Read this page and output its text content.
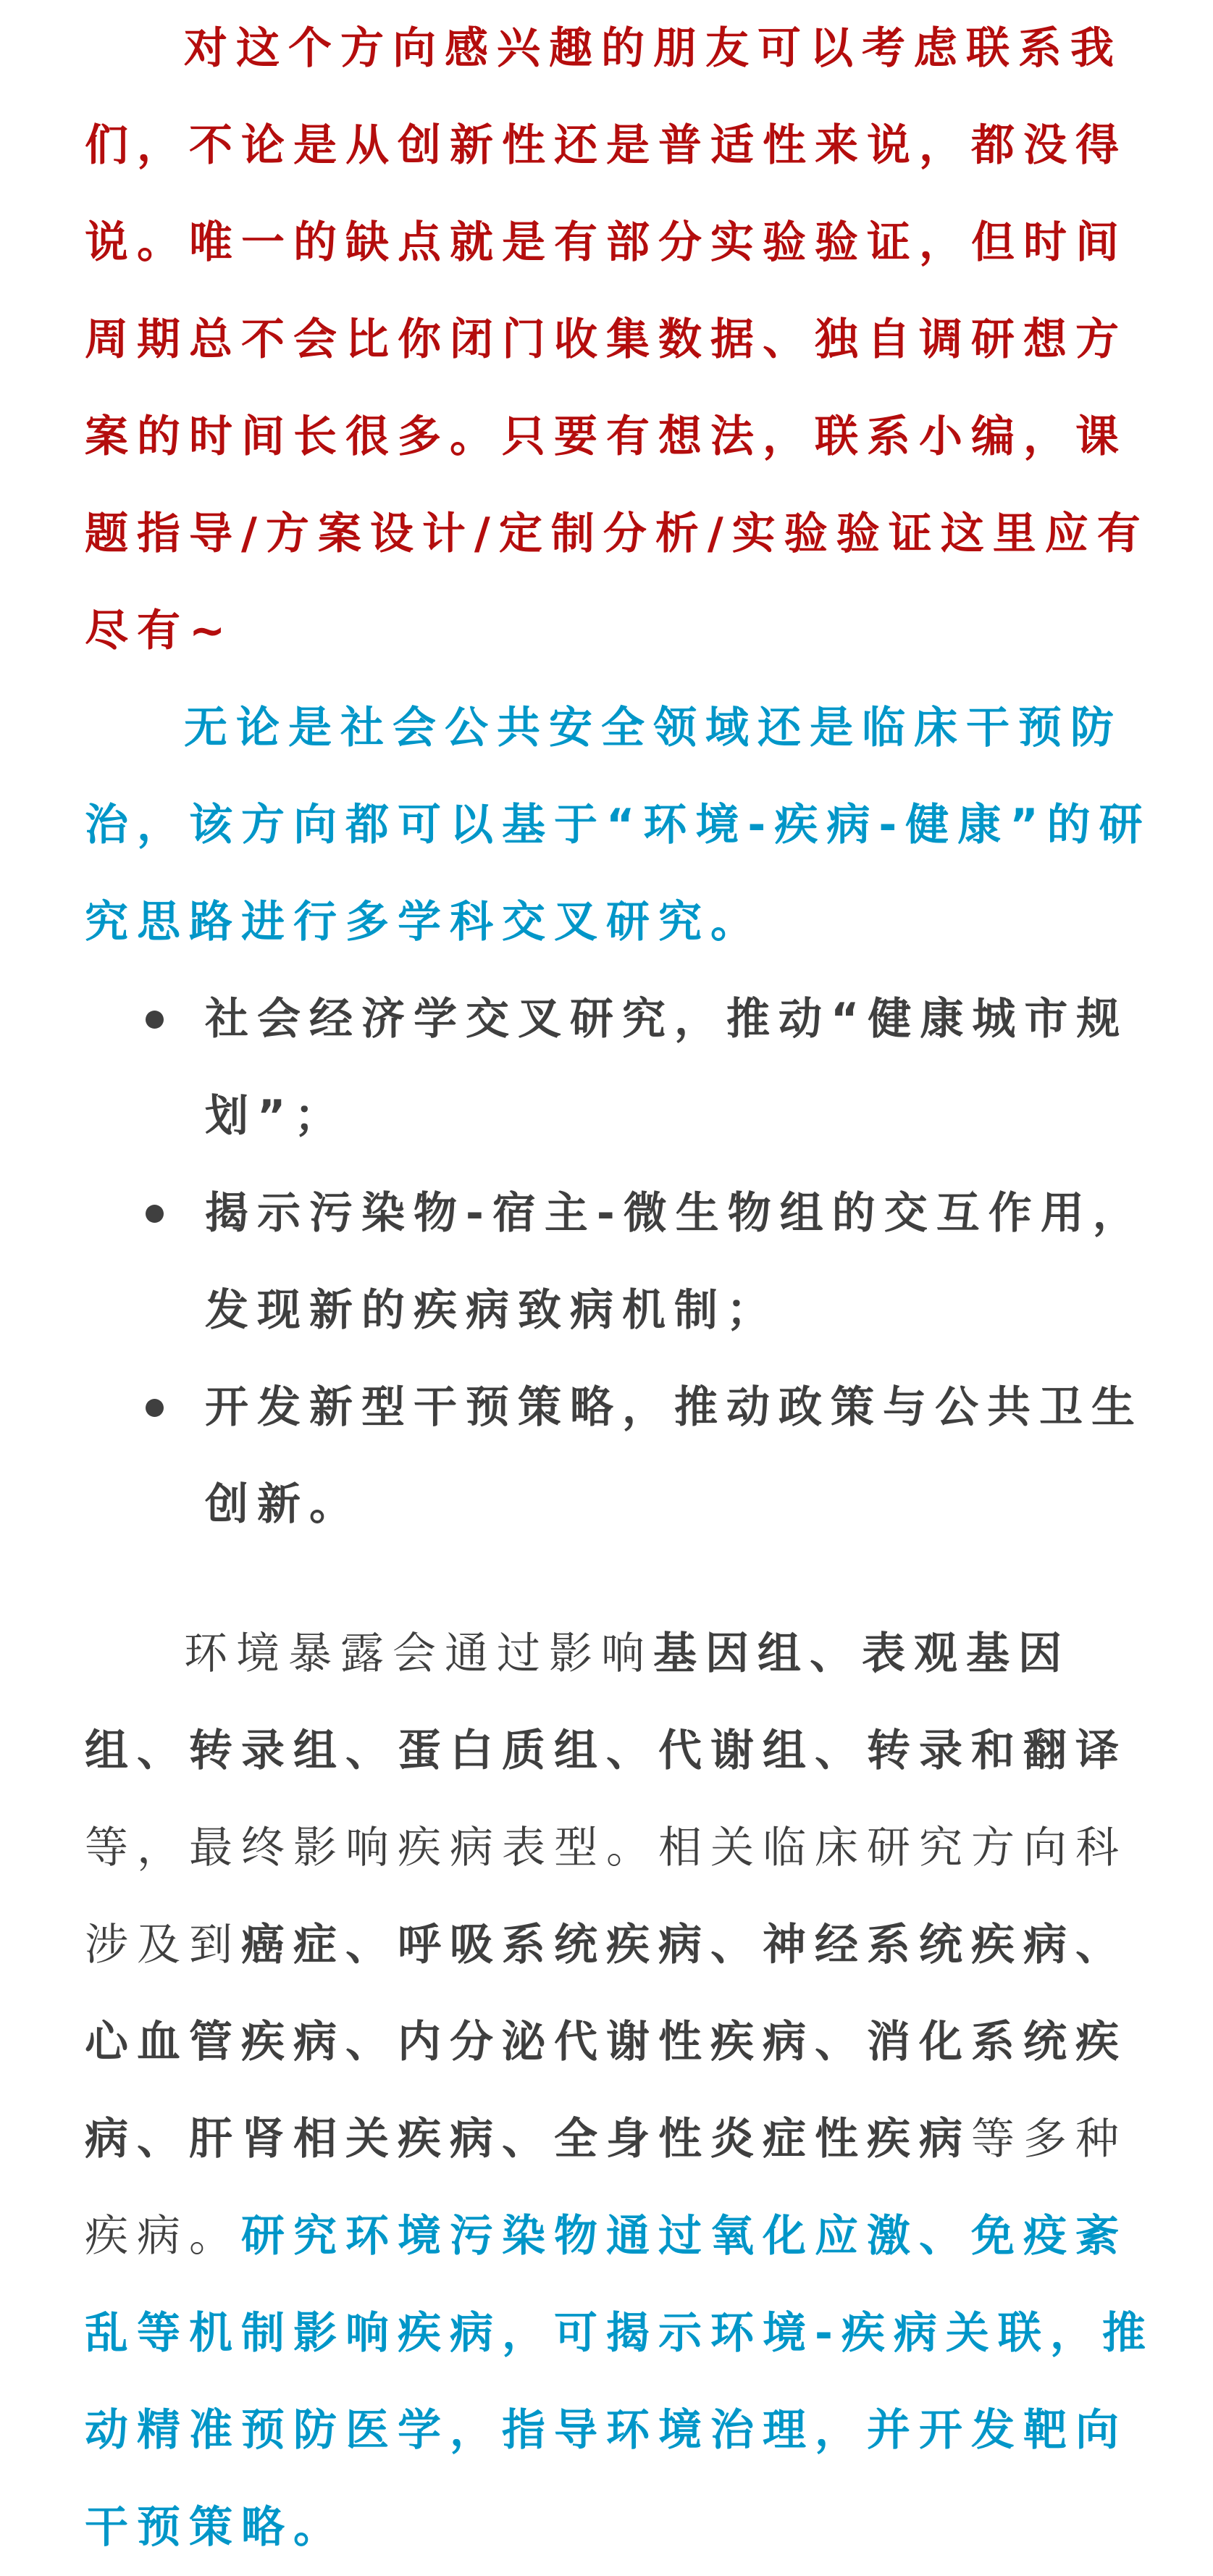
对这个方向感兴趣的朋友可以考虑联系我
们，不论是从创新性还是普适性来说，都没得
说。唯一的缺点就是有部分实验验证，但时间
周期总不会比你闭门收集数据、独自调研想方
案的时间长很多。只要有想法，联系小编，课
题指导/方案设计/定制分析/实验验证这里应有
尽有~
无论是社会公共安全领域还是临床干预防
治，该方向都可以基于“环境-疾病-健康”的研
究思路进行多学科交叉研究。
社会经济学交叉研究，推动“健康城市规
划”；
揭示污染物-宿主-微生物组的交互作用，
发现新的疾病致病机制；
开发新型干预策略，推动政策与公共卫生
创新。
环境暴露会通过影响基因组、表观基因
组、转录组、蛋白质组、代谢组、转录和翻译
等，最终影响疾病表型。相关临床研究方向科
涉及到癌症、呼吸系统疾病、神经系统疾病、
心血管疾病、内分泌代谢性疾病、消化系统疾
病、肝肾相关疾病、全身性炎症性疾病等多种
疾病。研究环境污染物通过氧化应激、免疫紊
乱等机制影响疾病，可揭示环境-疾病关联，推
动精准预防医学，指导环境治理，并开发靶向
干预策略。
